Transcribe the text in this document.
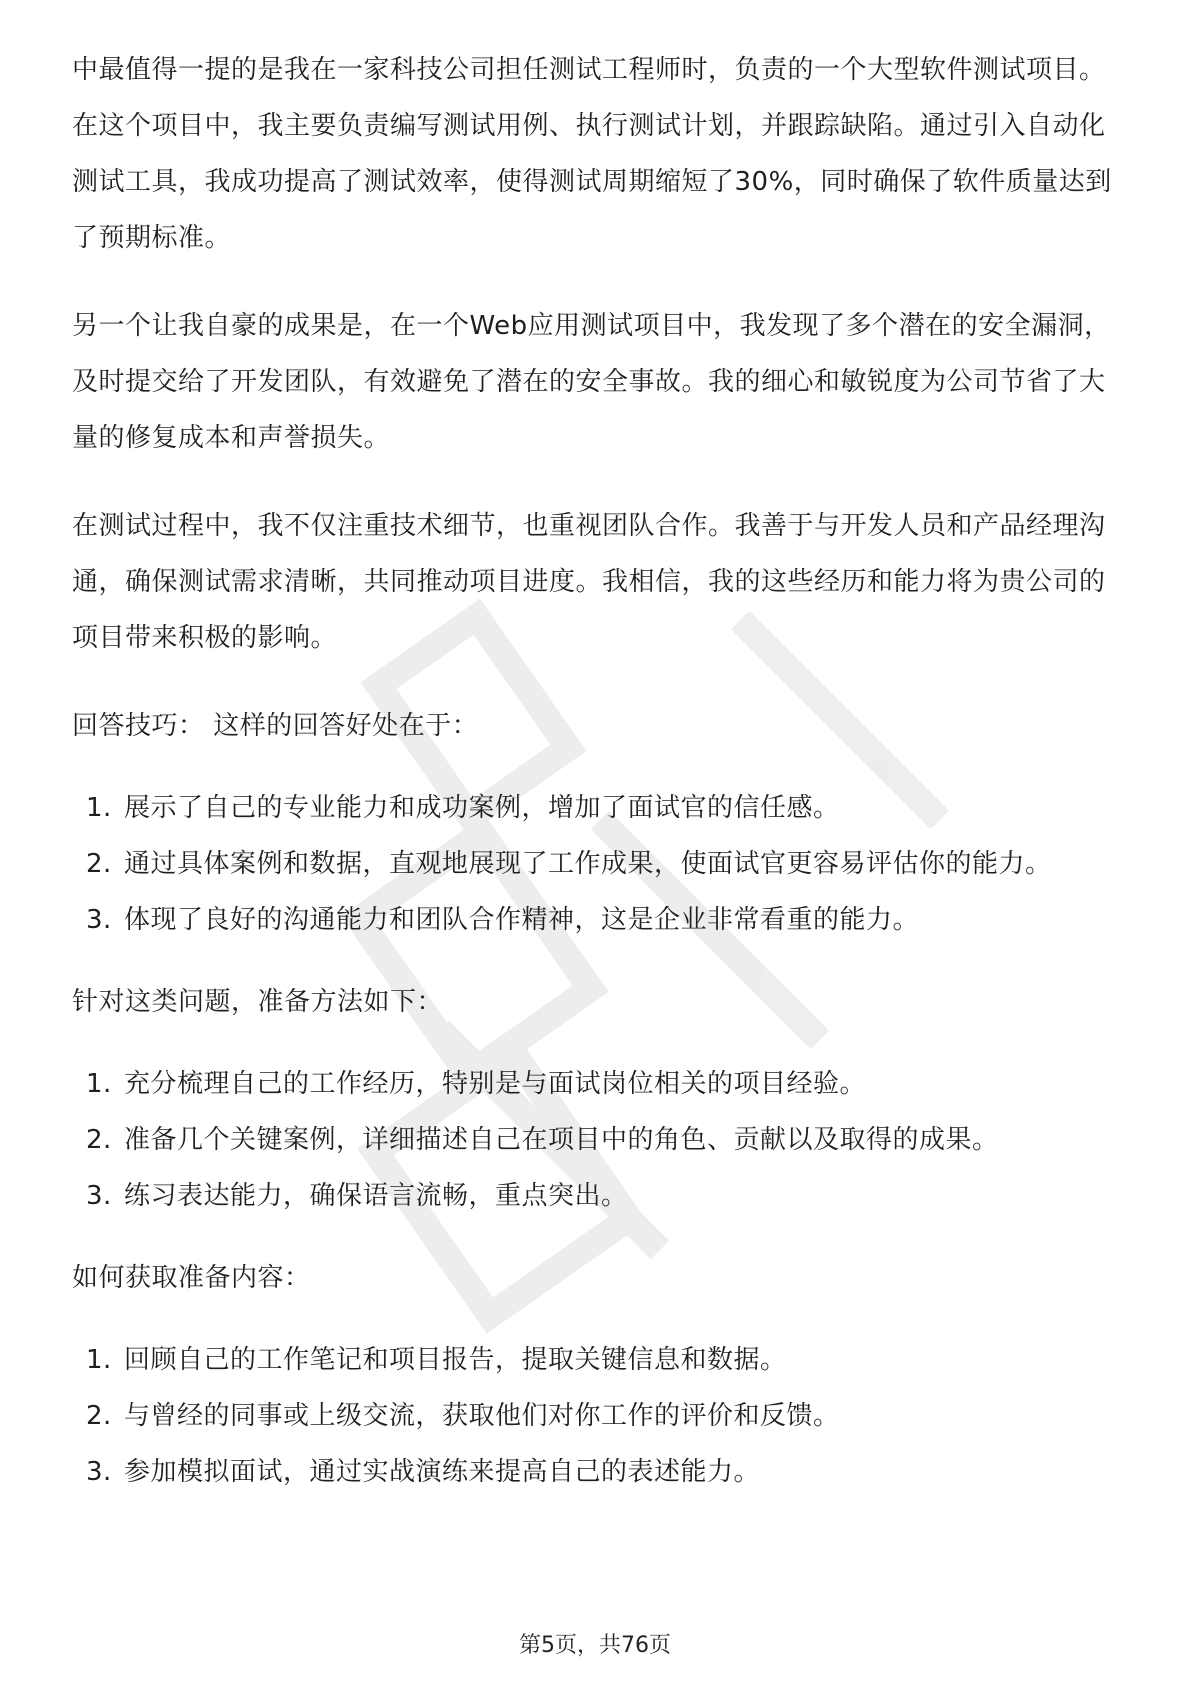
中最值得一提的是我在一家科技公司担任测试工程师时，负责的一个大型软件测试项目。在这个项目中，我主要负责编写测试用例、执行测试计划，并跟踪缺陷。通过引入自动化测试工具，我成功提高了测试效率，使得测试周期缩短了30%，同时确保了软件质量达到了预期标准。

另一个让我自豪的成果是，在一个Web应用测试项目中，我发现了多个潜在的安全漏洞，及时提交给了开发团队，有效避免了潜在的安全事故。我的细心和敏锐度为公司节省了大量的修复成本和声誉损失。

在测试过程中，我不仅注重技术细节，也重视团队合作。我善于与开发人员和产品经理沟通，确保测试需求清晰，共同推动项目进度。我相信，我的这些经历和能力将为贵公司的项目带来积极的影响。

回答技巧： 这样的回答好处在于：

1. 展示了自己的专业能力和成功案例，增加了面试官的信任感。
2. 通过具体案例和数据，直观地展现了工作成果，使面试官更容易评估你的能力。
3. 体现了良好的沟通能力和团队合作精神，这是企业非常看重的能力。

针对这类问题，准备方法如下：

1. 充分梳理自己的工作经历，特别是与面试岗位相关的项目经验。
2. 准备几个关键案例，详细描述自己在项目中的角色、贡献以及取得的成果。
3. 练习表达能力，确保语言流畅，重点突出。

如何获取准备内容：

1. 回顾自己的工作笔记和项目报告，提取关键信息和数据。
2. 与曾经的同事或上级交流，获取他们对你工作的评价和反馈。
3. 参加模拟面试，通过实战演练来提高自己的表述能力。
第5页，共76页
